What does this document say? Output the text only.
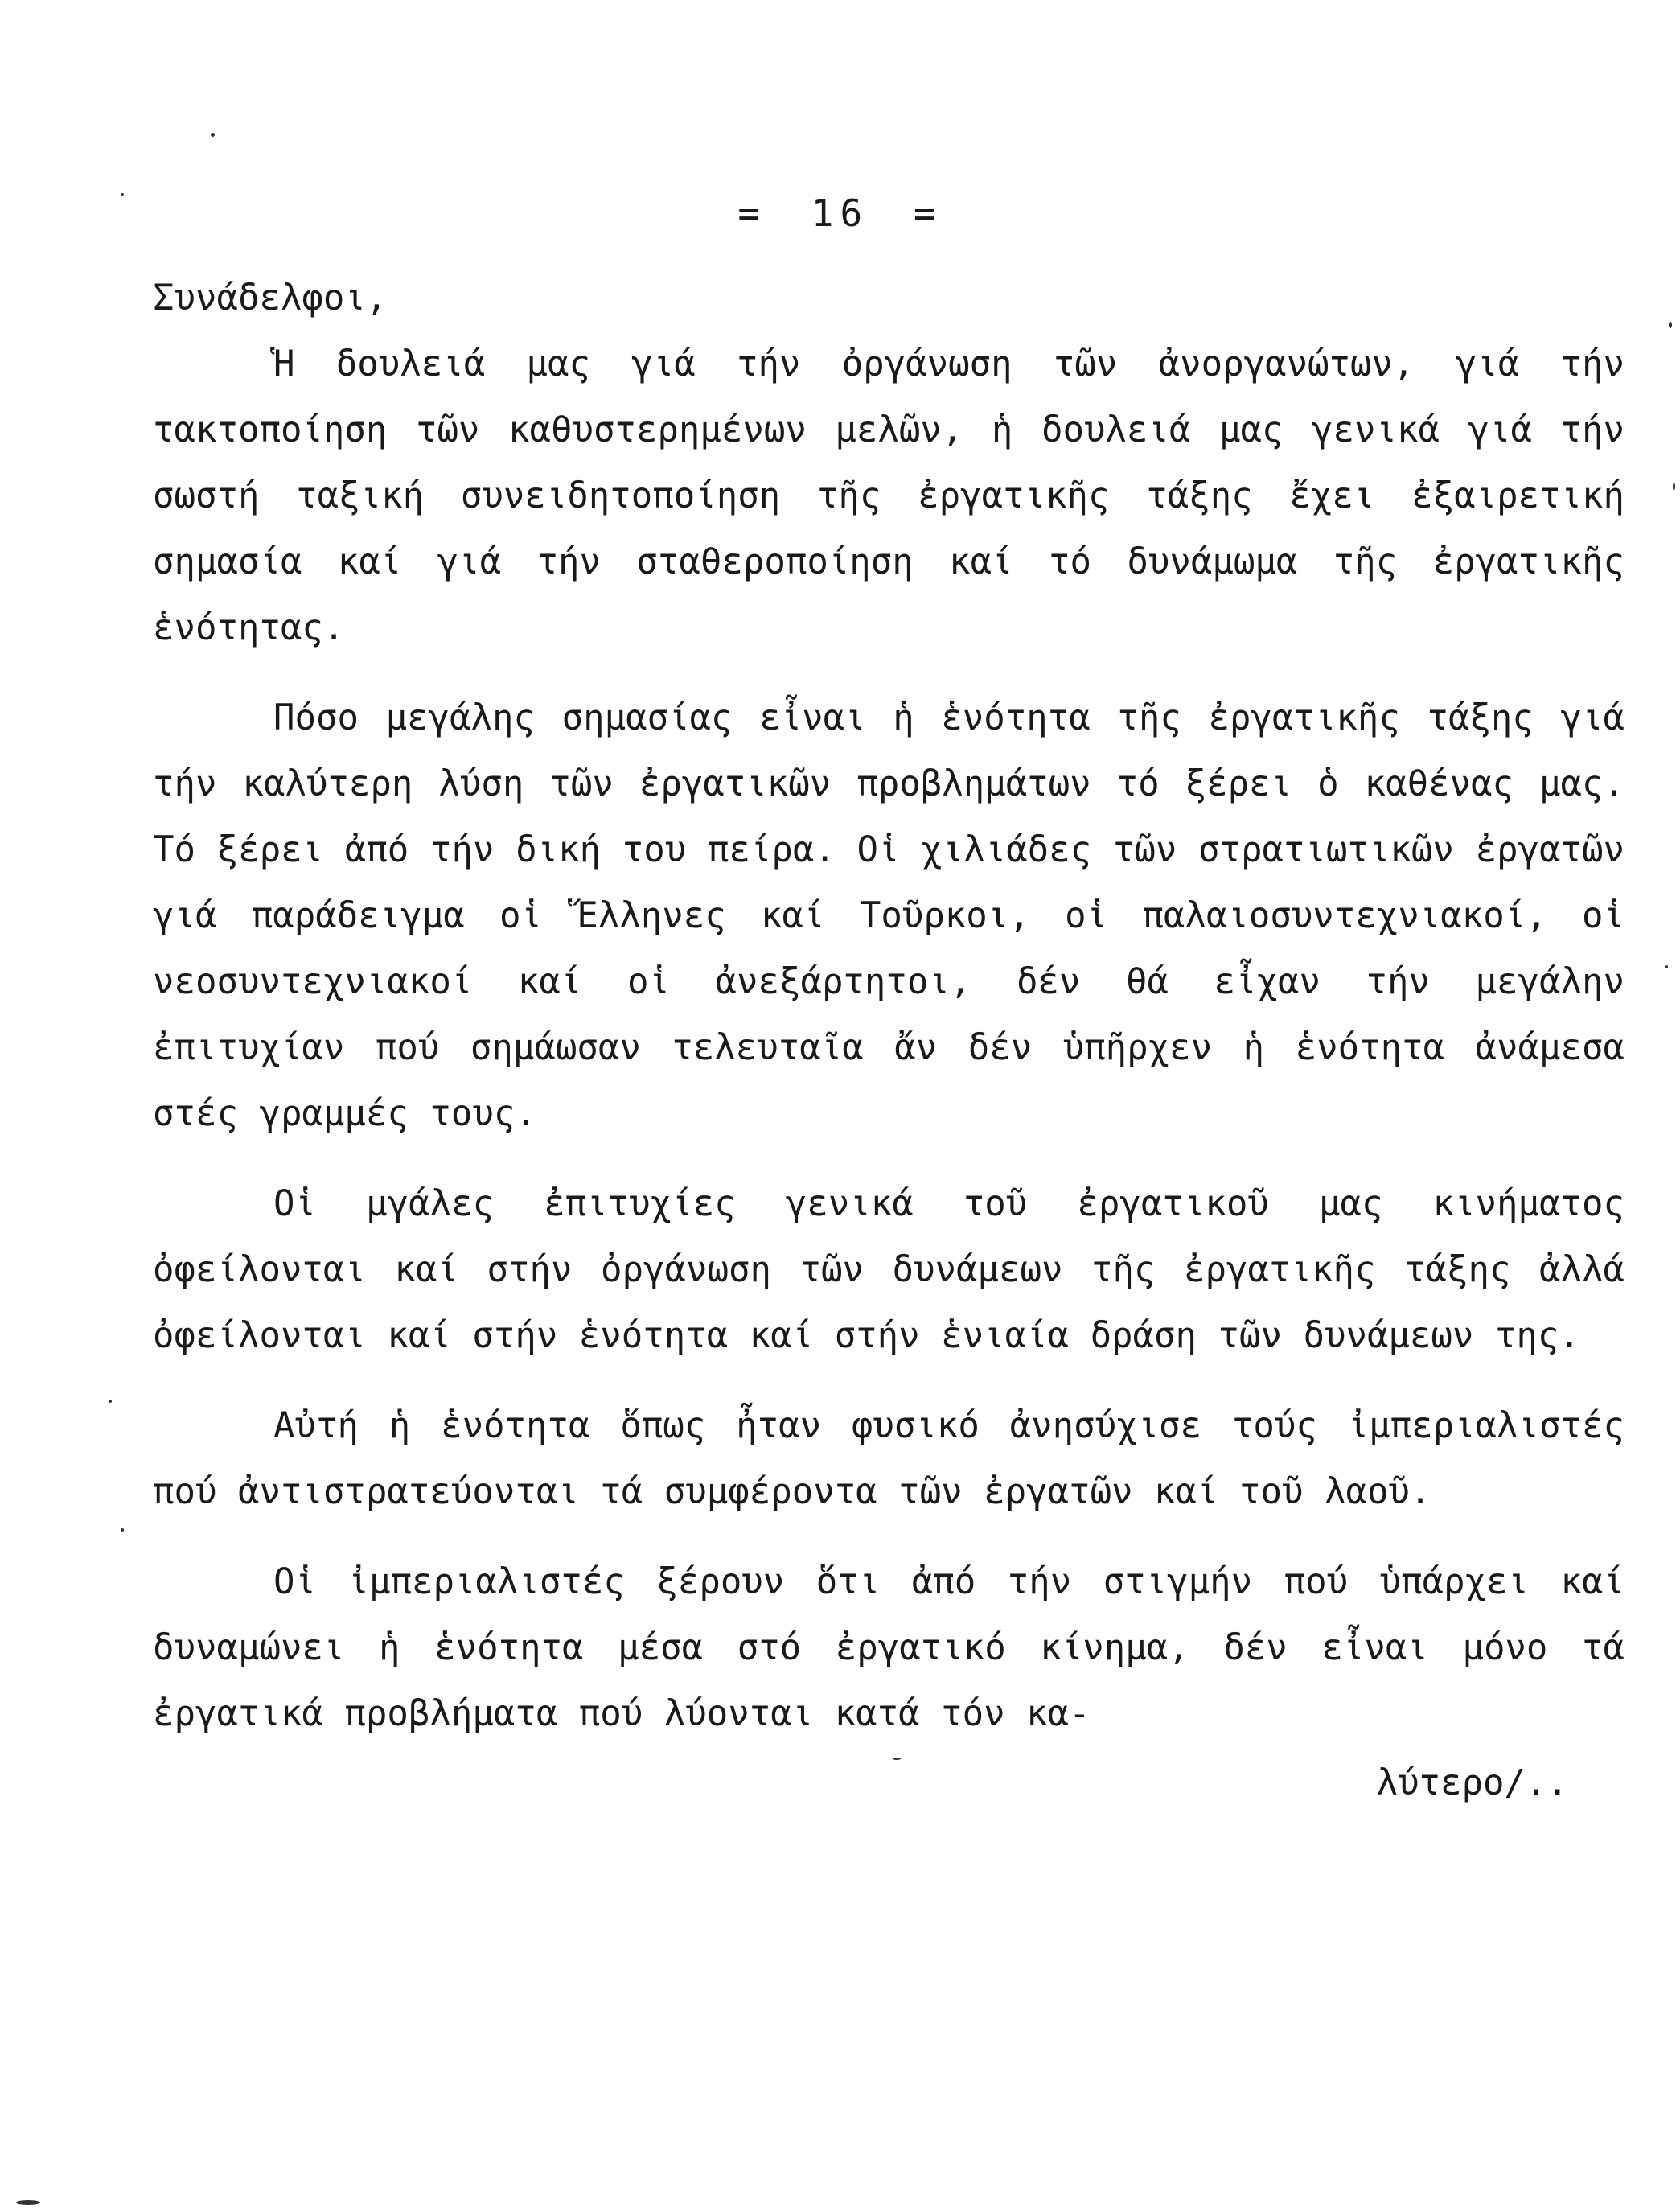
= 16 =

Συνάδελφοι,

Ἡ δουλειά μας γιά τήν ὀργάνωση τῶν ἀνοργανώτων, γιά τήν τακτοποίηση τῶν καθυστερημένων μελῶν, ἡ δουλειά μας γενικά γιά τήν σωστή ταξική συνειδητοποίηση τῆς ἐργατικῆς τάξης ἔχει ἐξαιρετική σημασία καί γιά τήν σταθεροποίηση καί τό δυνάμωμα τῆς ἐργατικῆς ἑνότητας.

Πόσο μεγάλης σημασίας εἶναι ἡ ἑνότητα τῆς ἐργατικῆς τάξης γιά τήν καλύτερη λύση τῶν ἐργατικῶν προβλημάτων τό ξέρει ὁ καθένας μας. Τό ξέρει ἀπό τήν δική του πείρα. Οἱ χιλιάδες τῶν στρατιωτικῶν ἐργατῶν γιά παράδειγμα οἱ Ἕλληνες καί Τοῦρκοι, οἱ παλαιοσυντεχνιακοί, οἱ νεοσυντεχνιακοί καί οἱ ἀνεξάρτητοι, δέν θά εἶχαν τήν μεγάλην ἐπιτυχίαν πού σημάωσαν τελευταῖα ἄν δέν ὑπῆρχεν ἡ ἑνότητα ἀνάμεσα στές γραμμές τους.

Οἱ μγάλες ἐπιτυχίες γενικά τοῦ ἐργατικοῦ μας κινήματος ὀφείλονται καί στήν ὀργάνωση τῶν δυνάμεων τῆς ἐργατικῆς τάξης ἀλλά ὀφείλονται καί στήν ἑνότητα καί στήν ἑνιαία δράση τῶν δυνάμεων της.

Αὐτή ἡ ἑνότητα ὅπως ἦταν φυσικό ἀνησύχισε τούς ἰμπεριαλιστές πού ἀντιστρατεύονται τά συμφέροντα τῶν ἐργατῶν καί τοῦ λαοῦ.

Οἱ ἰμπεριαλιστές ξέρουν ὅτι ἀπό τήν στιγμήν πού ὑπάρχει καί δυναμώνει ἡ ἑνότητα μέσα στό ἐργατικό κίνημα, δέν εἶναι μόνο τά ἐργατικά προβλήματα πού λύονται κατά τόν κα-

λύτερο/..
